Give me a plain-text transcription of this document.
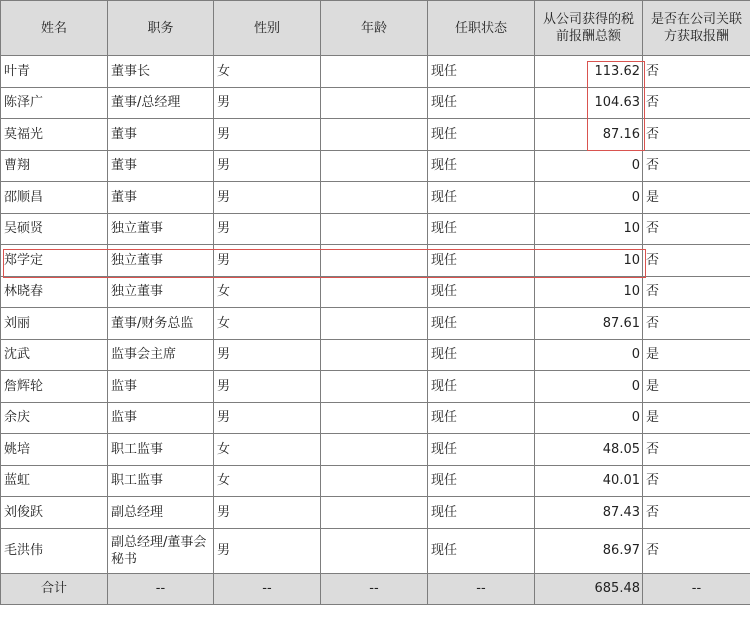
姓名	职务	性别	年龄	任职状态	从公司获得的税前报酬总额	是否在公司关联方获取报酬
叶青	董事长	女		现任	113.62	否
陈泽广	董事/总经理	男		现任	104.63	否
莫福光	董事	男		现任	87.16	否
曹翔	董事	男		现任	0	否
邵顺昌	董事	男		现任	0	是
吴硕贤	独立董事	男		现任	10	否
郑学定	独立董事	男		现任	10	否
林晓春	独立董事	女		现任	10	否
刘丽	董事/财务总监	女		现任	87.61	否
沈武	监事会主席	男		现任	0	是
詹辉轮	监事	男		现任	0	是
余庆	监事	男		现任	0	是
姚培	职工监事	女		现任	48.05	否
蓝虹	职工监事	女		现任	40.01	否
刘俊跃	副总经理	男		现任	87.43	否
毛洪伟	副总经理/董事会秘书	男		现任	86.97	否
合计	--	--	--	--	685.48	--
